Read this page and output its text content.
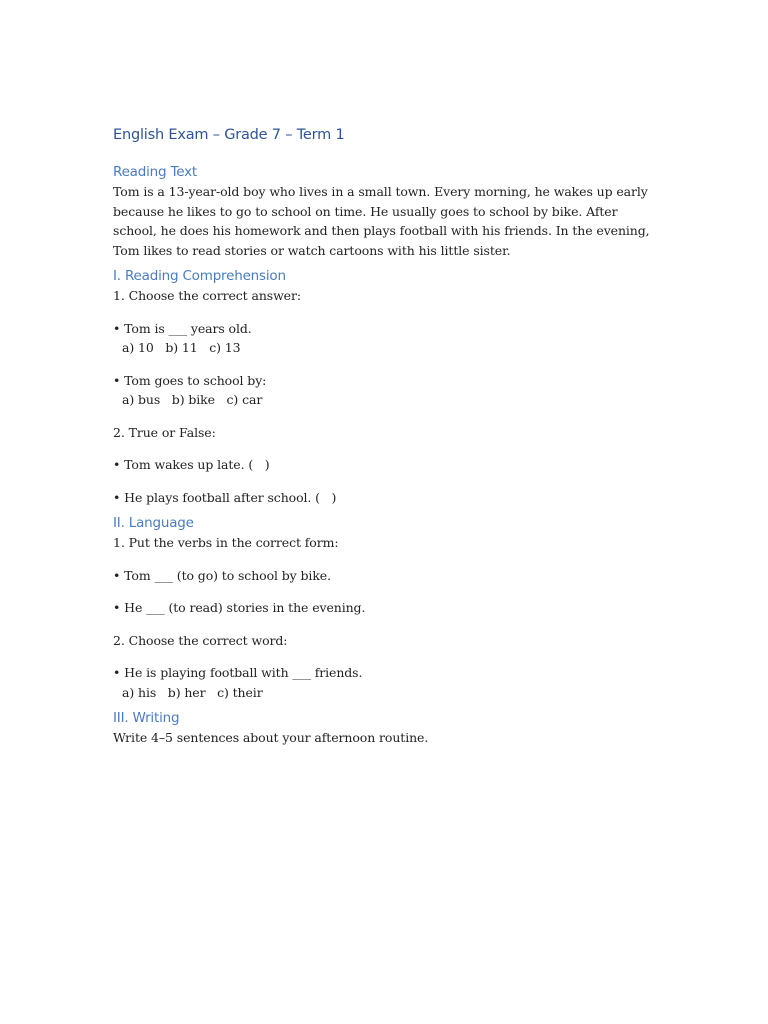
English Exam – Grade 7 – Term 1
Reading Text

Tom is a 13-year-old boy who lives in a small town. Every morning, he wakes up early because he likes to go to school on time. He usually goes to school by bike. After school, he does his homework and then plays football with his friends. In the evening, Tom likes to read stories or watch cartoons with his little sister.

I. Reading Comprehension
1. Choose the correct answer:
• Tom is ___ years old.
a) 10   b) 11   c) 13
• Tom goes to school by:
a) bus   b) bike   c) car
2. True or False:
• Tom wakes up late. (   )
• He plays football after school. (   )
II. Language
1. Put the verbs in the correct form:
• Tom ___ (to go) to school by bike.
• He ___ (to read) stories in the evening.
2. Choose the correct word:
• He is playing football with ___ friends.
a) his   b) her   c) their
III. Writing
Write 4–5 sentences about your afternoon routine.
